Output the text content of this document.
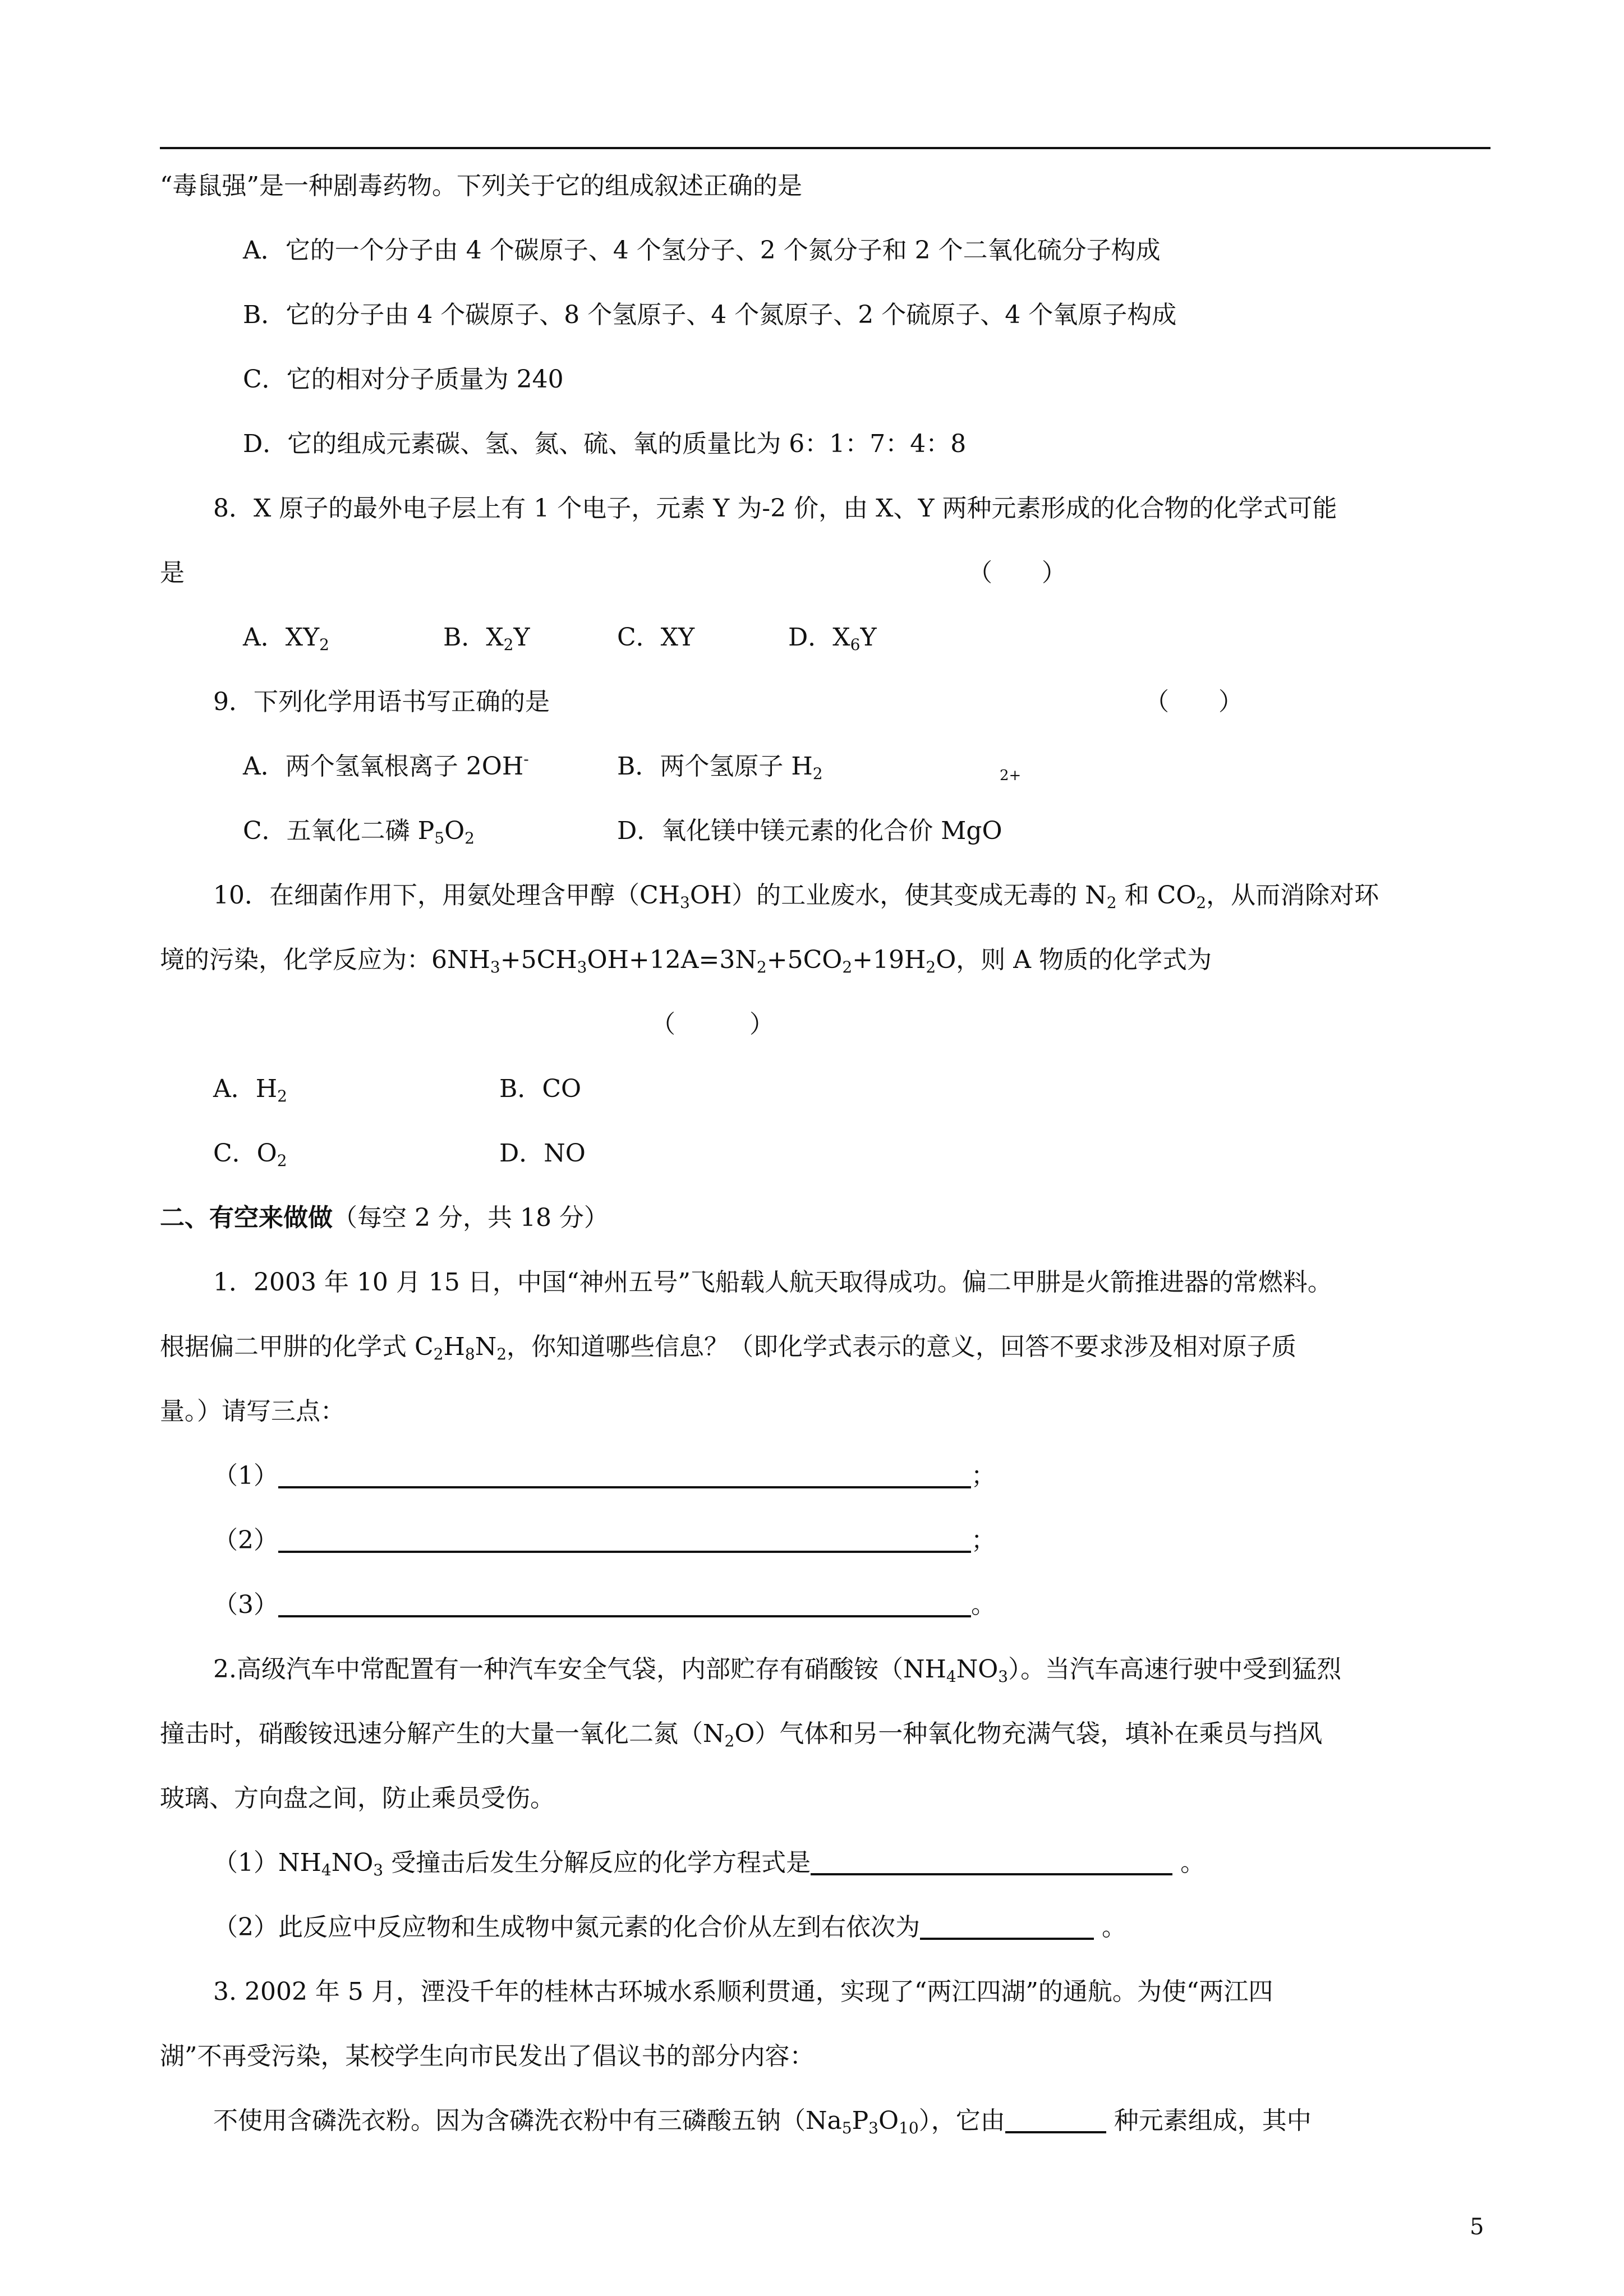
“毒鼠强”是一种剧毒药物。下列关于它的组成叙述正确的是
A．它的一个分子由 4 个碳原子、4 个氢分子、2 个氮分子和 2 个二氧化硫分子构成
B．它的分子由 4 个碳原子、8 个氢原子、4 个氮原子、2 个硫原子、4 个氧原子构成
C．它的相对分子质量为 240
D．它的组成元素碳、氢、氮、硫、氧的质量比为 6：1：7：4：8
8．X 原子的最外电子层上有 1 个电子，元素 Y 为-2 价，由 X、Y 两种元素形成的化合物的化学式可能
是	（　　）
A．$XY_2$	B．$X_2Y$	C．XY	D．$X_6Y$
9．下列化学用语书写正确的是	（　　）
A．两个氢氧根离子 2OH-	B．两个氢原子 $H_2$	2+
C．五氧化二磷 $P_5O_2$	D．氧化镁中镁元素的化合价 MgO
10．在细菌作用下，用氨处理含甲醇$(CH_3OH)$的工业废水，使其变成无毒的 $N_2$ 和 $CO_2$，从而消除对环
境的污染，化学反应为：$6NH_3+5CH_3OH+12A=3N_2+5CO_2+19H_2O$，则 A 物质的化学式为
（　　　）
A．$H_2$	B．CO
C．$O_2$	D．NO
二、有空来做做（每空 2 分，共 18 分）
1．2003 年 10 月 15 日，中国“神州五号”飞船载人航天取得成功。偏二甲肼是火箭推进器的常燃料。
根据偏二甲肼的化学式 $C_2H_8N_2$，你知道哪些信息？（即化学式表示的意义，回答不要求涉及相对原子质
量。）请写三点：
（1）	；
（2）	；
（3）	。
2.高级汽车中常配置有一种汽车安全气袋，内部贮存有硝酸铵$(NH_4NO_3)$。当汽车高速行驶中受到猛烈
撞击时，硝酸铵迅速分解产生的大量一氧化二氮$(N_2O)$气体和另一种氧化物充满气袋，填补在乘员与挡风
玻璃、方向盘之间，防止乘员受伤。
$(1)NH_4NO_3$ 受撞击后发生分解反应的化学方程式是	。
（2）此反应中反应物和生成物中氮元素的化合价从左到右依次为	。
3. 2002 年 5 月，湮没千年的桂林古环城水系顺利贯通，实现了“两江四湖”的通航。为使“两江四
湖”不再受污染，某校学生向市民发出了倡议书的部分内容：
不使用含磷洗衣粉。因为含磷洗衣粉中有三磷酸五钠$(Na_5P_3O_{10})$，它由	种元素组成，其中
5
